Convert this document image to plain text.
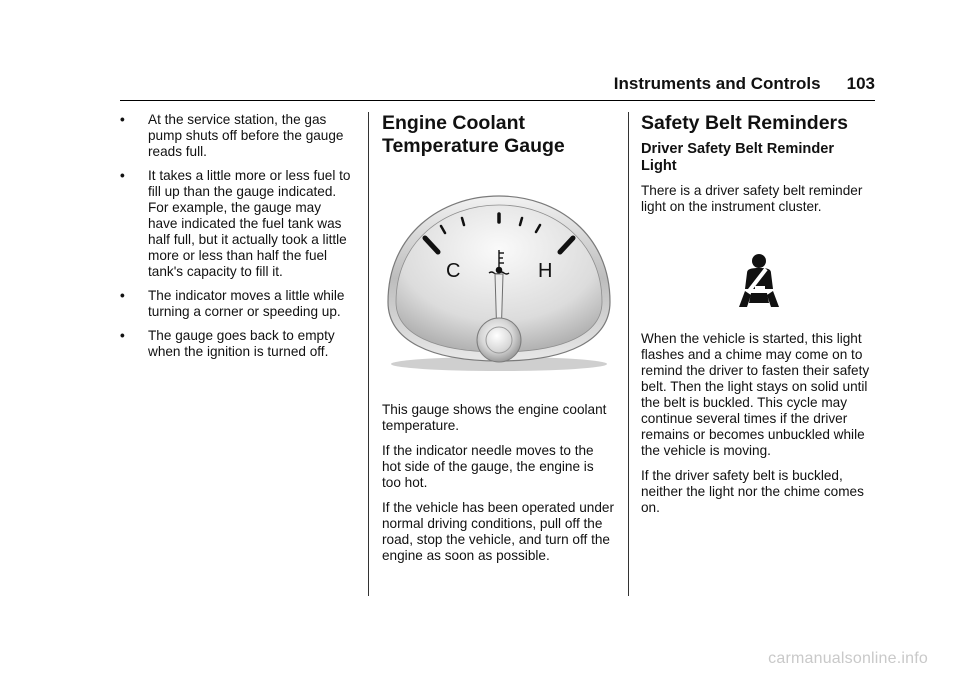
Instruments and Controls 103
• At the service station, the gas pump shuts off before the gauge reads full.
• It takes a little more or less fuel to fill up than the gauge indicated. For example, the gauge may have indicated the fuel tank was half full, but it actually took a little more or less than half the fuel tank's capacity to fill it.
• The indicator moves a little while turning a corner or speeding up.
• The gauge goes back to empty when the ignition is turned off.
Engine Coolant
Temperature Gauge
C	H

This gauge shows the engine coolant temperature.

If the indicator needle moves to the hot side of the gauge, the engine is too hot.

If the vehicle has been operated under normal driving conditions, pull off the road, stop the vehicle, and turn off the engine as soon as possible.

Safety Belt Reminders
Driver Safety Belt Reminder
Light

There is a driver safety belt reminder light on the instrument cluster.

When the vehicle is started, this light flashes and a chime may come on to remind the driver to fasten their safety belt. Then the light stays on solid until the belt is buckled. This cycle may continue several times if the driver remains or becomes unbuckled while the vehicle is moving.

If the driver safety belt is buckled, neither the light nor the chime comes on.

carmanualsonline.info
